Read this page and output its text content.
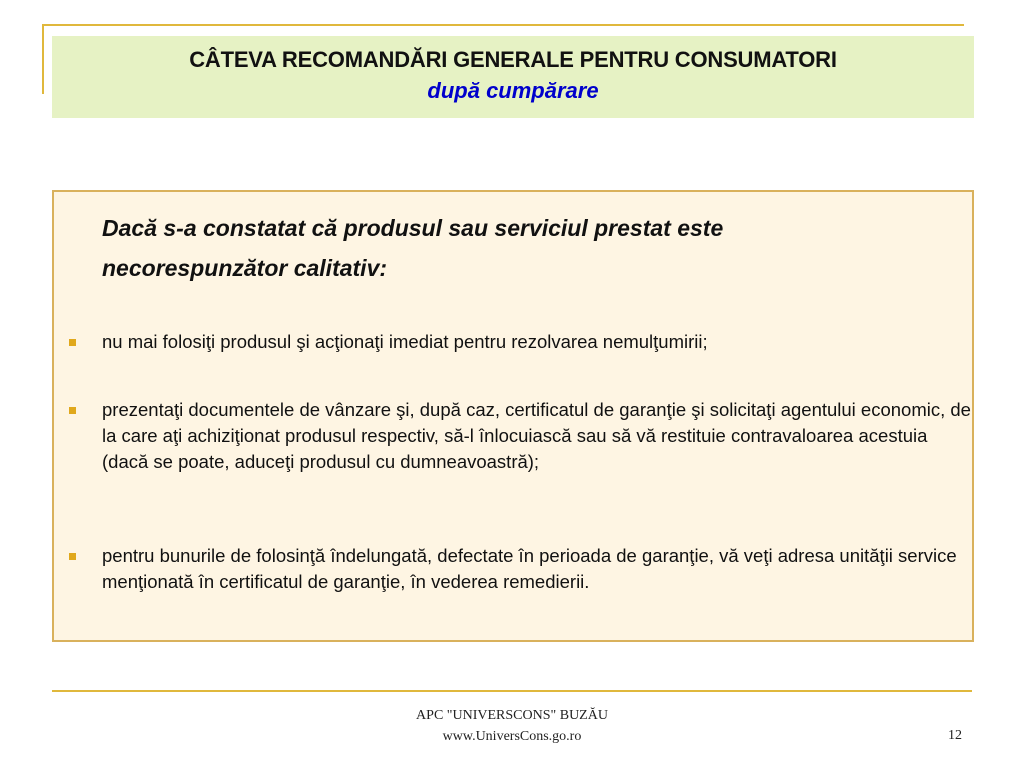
CÂTEVA RECOMANDĂRI GENERALE PENTRU CONSUMATORI
după cumpărare
Dacă s-a constatat că produsul sau serviciul prestat este
necorespunzător calitativ:
nu mai folosiţi produsul şi acţionaţi imediat pentru rezolvarea nemulţumirii;
prezentaţi documentele de vânzare şi, după caz, certificatul de garanţie şi solicitaţi agentului economic, de la care aţi achiziţionat produsul respectiv, să-l înlocuiască sau să vă restituie contravaloarea acestuia (dacă se poate, aduceţi produsul cu dumneavoastră);
pentru bunurile de folosinţă îndelungată, defectate în perioada de garanţie, vă veţi adresa unităţii service menţionată în certificatul de garanţie, în vederea remedierii.
APC "UNIVERSCONS" BUZĂU
www.UniversCons.go.ro	12
